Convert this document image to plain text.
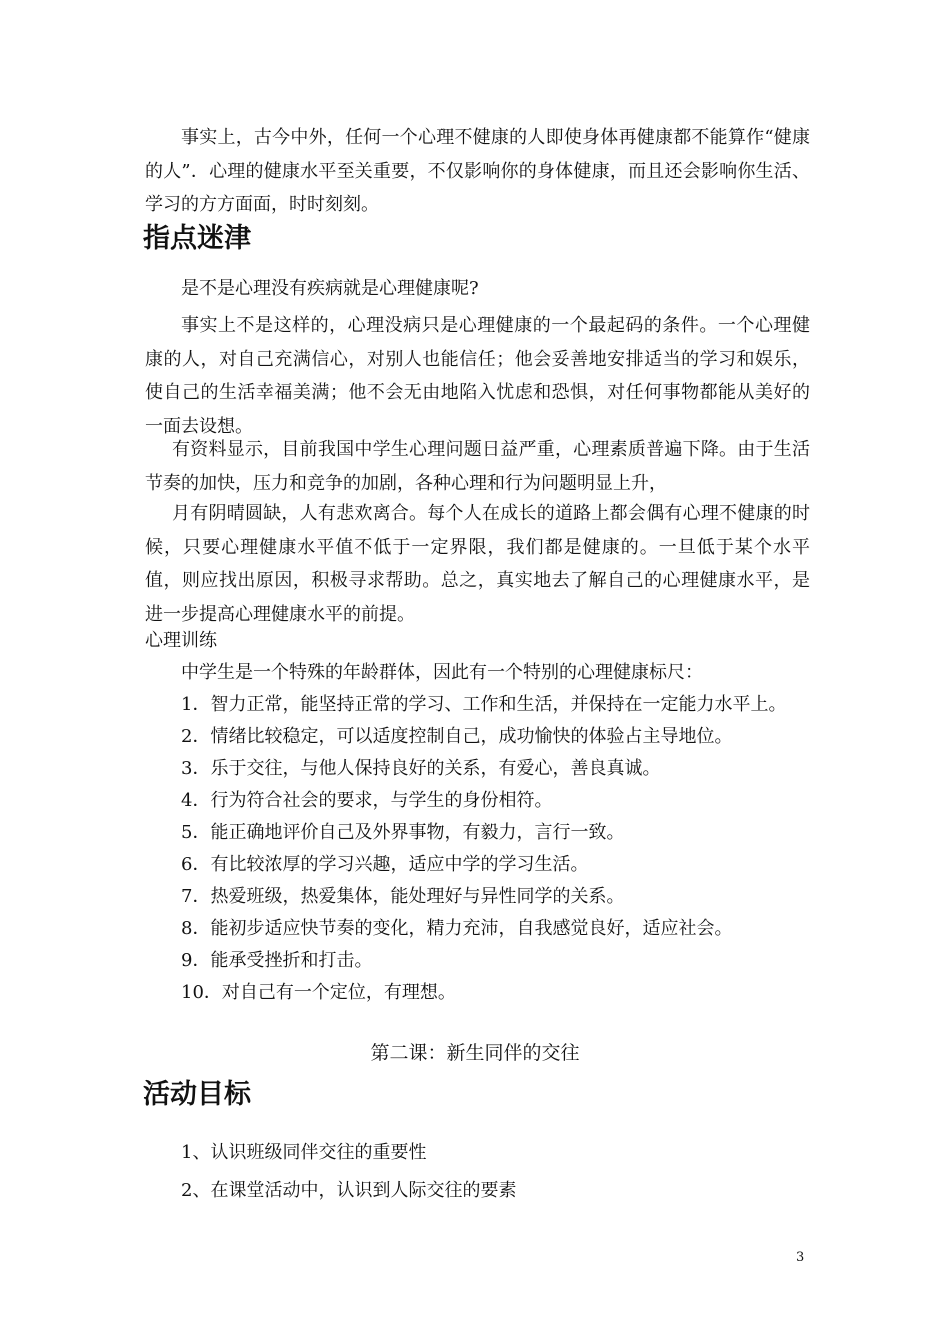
事实上，古今中外，任何一个心理不健康的人即使身体再健康都不能算作“健康的人”．心理的健康水平至关重要，不仅影响你的身体健康，而且还会影响你生活、学习的方方面面，时时刻刻。
指点迷津
是不是心理没有疾病就是心理健康呢?
事实上不是这样的，心理没病只是心理健康的一个最起码的条件。一个心理健康的人，对自己充满信心，对别人也能信任；他会妥善地安排适当的学习和娱乐，使自己的生活幸福美满；他不会无由地陷入忧虑和恐惧，对任何事物都能从美好的一面去设想。
有资料显示，目前我国中学生心理问题日益严重，心理素质普遍下降。由于生活节奏的加快，压力和竞争的加剧，各种心理和行为问题明显上升，
月有阴晴圆缺，人有悲欢离合。每个人在成长的道路上都会偶有心理不健康的时候，只要心理健康水平值不低于一定界限，我们都是健康的。一旦低于某个水平值，则应找出原因，积极寻求帮助。总之，真实地去了解自己的心理健康水平，是进一步提高心理健康水平的前提。
心理训练
中学生是一个特殊的年龄群体，因此有一个特别的心理健康标尺：
1．智力正常，能坚持正常的学习、工作和生活，并保持在一定能力水平上。
2．情绪比较稳定，可以适度控制自己，成功愉快的体验占主导地位。
3．乐于交往，与他人保持良好的关系，有爱心，善良真诚。
4．行为符合社会的要求，与学生的身份相符。
5．能正确地评价自己及外界事物，有毅力，言行一致。
6．有比较浓厚的学习兴趣，适应中学的学习生活。
7．热爱班级，热爱集体，能处理好与异性同学的关系。
8．能初步适应快节奏的变化，精力充沛，自我感觉良好，适应社会。
9．能承受挫折和打击。
10．对自己有一个定位，有理想。
第二课：新生同伴的交往
活动目标
1、认识班级同伴交往的重要性
2、在课堂活动中，认识到人际交往的要素
3
